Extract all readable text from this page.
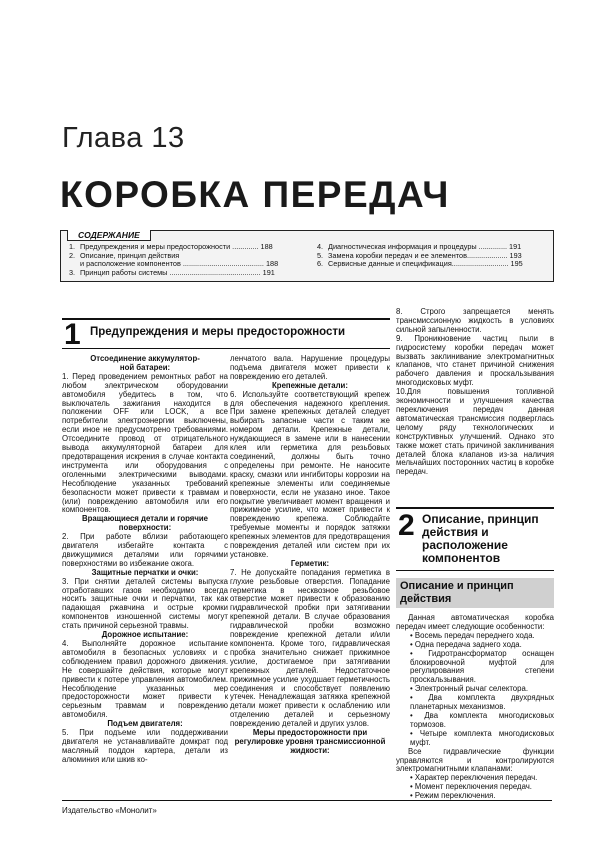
Глава 13
КОРОБКА ПЕРЕДАЧ
СОДЕРЖАНИЕ
1. Предупреждения и меры предосторожности ............. 188
2. Описание, принцип действия
и расположение компонентов ........................................ 188
3. Принцип работы системы ............................................. 191
4. Диагностическая информация и процедуры .............. 191
5. Замена коробки передач и ее элементов.................... 193
6. Сервисные данные и спецификация............................ 195
1 Предупреждения и меры предосторожности

Отсоединение аккумулятор-

ной батареи:

1. Перед проведением ремонтных работ на любом электрическом оборудовании автомобиля убедитесь в том, что выключатель зажигания находится в положении OFF или LOCK, а все потребители электроэнергии выключены, если иное не предусмотрено требованиями. Отсоедините провод от отрицательного вывода аккумуляторной батареи для предотвращения искрения в случае контакта инструмента или оборудования с оголенными электрическими выводами. Несоблюдение указанных требований безопасности может привести к травмам и (или) повреждению автомобиля или его компонентов.

Вращающиеся детали и горячие поверхности:

2. При работе вблизи работающего двигателя избегайте контакта с движущимися деталями или горячими поверхностями во избежание ожога.

Защитные перчатки и очки:

3. При снятии деталей системы выпуска отработавших газов необходимо всегда носить защитные очки и перчатки, так как падающая ржавчина и острые кромки компонентов изношенной системы могут стать причиной серьезной травмы.

Дорожное испытание:

4. Выполняйте дорожное испытание автомобиля в безопасных условиях и с соблюдением правил дорожного движения. Не совершайте действия, которые могут привести к потере управления автомобилем. Несоблюдение указанных мер предосторожности может привести к серьезным травмам и повреждению автомобиля.

Подъем двигателя:

5. При подъеме или поддерживании двигателя не устанавливайте домкрат под масляный поддон картера, детали из алюминия или шкив ко-

ленчатого вала. Нарушение процедуры подъема двигателя может привести к повреждению его деталей.

Крепежные детали:

6. Используйте соответствующий крепеж для обеспечения надежного крепления. При замене крепежных деталей следует выбирать запасные части с таким же номером детали. Крепежные детали, нуждающиеся в замене или в нанесении клея или герметика для резьбовых соединений, должны быть точно определены при ремонте. Не наносите краску, смазки или ингибиторы коррозии на крепежные элементы или соединяемые поверхности, если не указано иное. Такое покрытие увеличивает момент вращения и прижимное усилие, что может привести к повреждению крепежа. Соблюдайте требуемые моменты и порядок затяжки крепежных элементов для предотвращения повреждения деталей или систем при их установке.

Герметик:

7. Не допускайте попадания герметика в глухие резьбовые отверстия. Попадание герметика в несквозное резьбовое отверстие может привести к образованию гидравлической пробки при затягивании крепежной детали. В случае образования гидравлической пробки возможно повреждение крепежной детали и/или компонента. Кроме того, гидравлическая пробка значительно снижает прижимное усилие, достигаемое при затягивании крепежных деталей. Недостаточное прижимное усилие ухудшает герметичность соединения и способствует появлению утечек. Ненадлежащая затяжка крепежной детали может привести к ослаблению или отделению деталей и серьезному повреждению деталей и других узлов.

Меры предосторожности при регулировке уровня трансмиссионной жидкости:

8. Строго запрещается менять трансмиссионную жидкость в условиях сильной запыленности.

9. Проникновение частиц пыли в гидросистему коробки передач может вызвать заклинивание электромагнитных клапанов, что станет причиной снижения рабочего давления и проскальзывания многодисковых муфт.

10.Для повышения топливной экономичности и улучшения качества переключения передач данная автоматическая трансмиссия подверглась целому ряду технологических и конструктивных улучшений. Однако это также может стать причиной заклинивания деталей блока клапанов из-за наличия мельчайших посторонних частиц в коробке передач.

2 Описание, принцип действия и расположение компонентов
Описание и принцип действия

Данная автоматическая коробка передач имеет следующие особенности:

• Восемь передач переднего хода.
• Одна передача заднего хода.
• Гидротрансформатор оснащен блокировочной муфтой для регулирования степени проскальзывания.
• Электронный рычаг селектора.
• Два комплекта двухрядных планетарных механизмов.
• Два комплекта многодисковых тормозов.
• Четыре комплекта многодисковых муфт.

Все гидравлические функции управляются и контролируются электромагнитными клапанами:

• Характер переключения передач.
• Момент переключения передач.
• Режим переключения.
Издательство «Монолит»
